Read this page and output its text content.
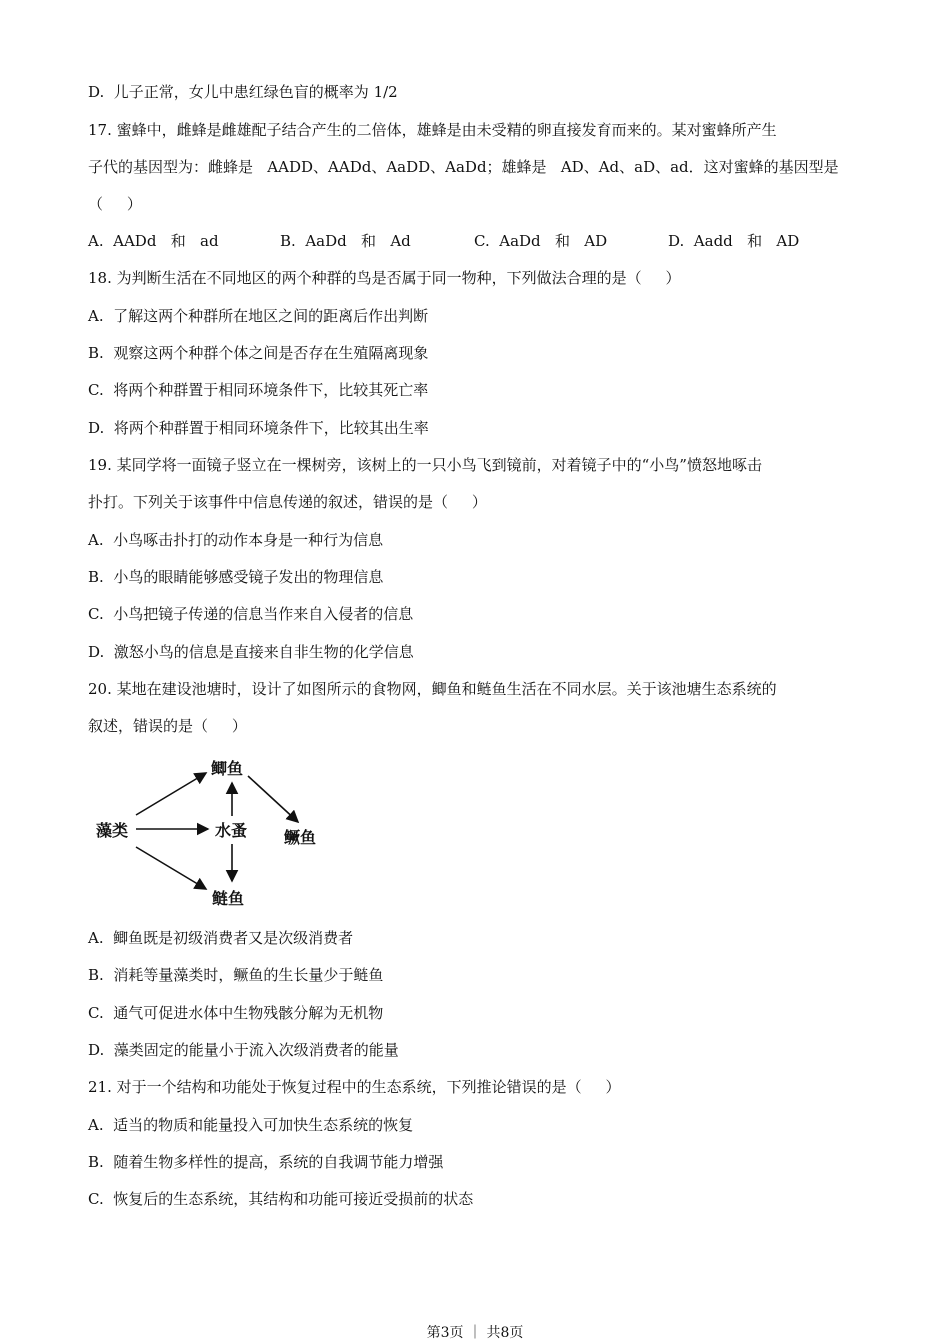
D.  儿子正常，女儿中患红绿色盲的概率为 1/2
17. 蜜蜂中，雌蜂是雌雄配子结合产生的二倍体，雄蜂是由未受精的卵直接发育而来的。某对蜜蜂所产生
子代的基因型为：雌蜂是   AADD、AADd、AaDD、AaDd；雄蜂是   AD、Ad、aD、ad．这对蜜蜂的基因型是
（     ）
A.  AADd   和   ad	B.  AaDd   和   Ad	C.  AaDd   和   AD	D.  Aadd   和   AD
18. 为判断生活在不同地区的两个种群的鸟是否属于同一物种，下列做法合理的是（     ）
A.  了解这两个种群所在地区之间的距离后作出判断
B.  观察这两个种群个体之间是否存在生殖隔离现象
C.  将两个种群置于相同环境条件下，比较其死亡率
D.  将两个种群置于相同环境条件下，比较其出生率
19. 某同学将一面镜子竖立在一棵树旁，该树上的一只小鸟飞到镜前，对着镜子中的“小鸟”愤怒地啄击
扑打。下列关于该事件中信息传递的叙述，错误的是（     ）
A.  小鸟啄击扑打的动作本身是一种行为信息
B.  小鸟的眼睛能够感受镜子发出的物理信息
C.  小鸟把镜子传递的信息当作来自入侵者的信息
D.  激怒小鸟的信息是直接来自非生物的化学信息
20. 某地在建设池塘时，设计了如图所示的食物网，鲫鱼和鲢鱼生活在不同水层。关于该池塘生态系统的
叙述，错误的是（     ）
藻类
鲫鱼
水蚤 鳜鱼
鲢鱼
A.  鲫鱼既是初级消费者又是次级消费者
B.  消耗等量藻类时，鳜鱼的生长量少于鲢鱼
C.  通气可促进水体中生物残骸分解为无机物
D.  藻类固定的能量小于流入次级消费者的能量
21. 对于一个结构和功能处于恢复过程中的生态系统，下列推论错误的是（     ）
A.  适当的物质和能量投入可加快生态系统的恢复
B.  随着生物多样性的提高，系统的自我调节能力增强
C.  恢复后的生态系统，其结构和功能可接近受损前的状态
第3页 ｜ 共8页
